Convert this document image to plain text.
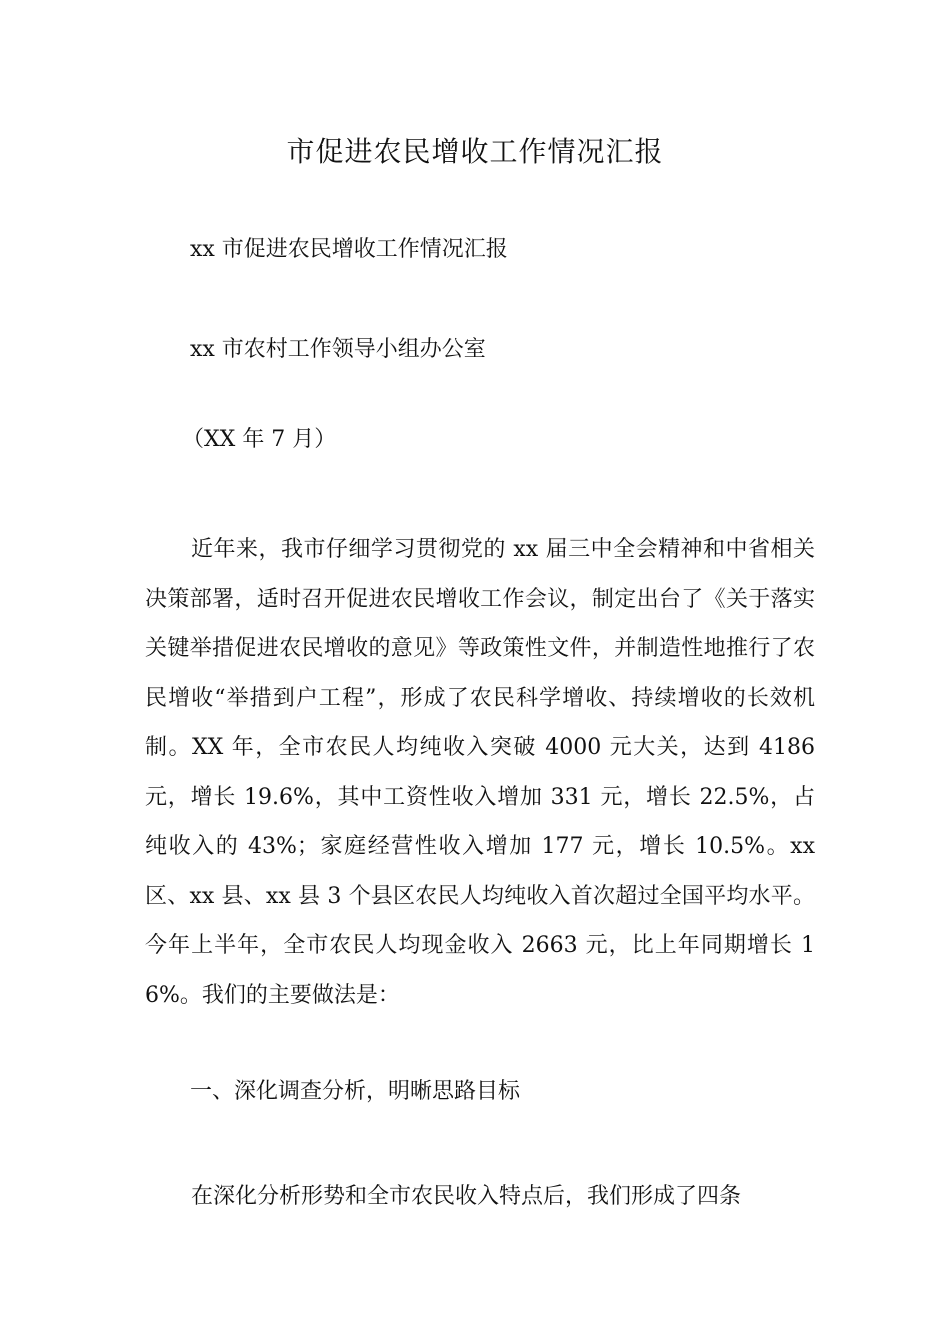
市促进农民增收工作情况汇报

xx 市促进农民增收工作情况汇报

xx 市农村工作领导小组办公室

（XX 年 7 月）

近年来，我市仔细学习贯彻党的 xx 届三中全会精神和中省相关决策部署，适时召开促进农民增收工作会议，制定出台了《关于落实关键举措促进农民增收的意见》等政策性文件，并制造性地推行了农民增收“举措到户工程”，形成了农民科学增收、持续增收的长效机制。XX 年，全市农民人均纯收入突破 4000 元大关，达到 4186 元，增长 19.6%，其中工资性收入增加 331 元，增长 22.5%，占纯收入的 43%；家庭经营性收入增加 177 元，增长 10.5%。xx 区、xx 县、xx 县 3 个县区农民人均纯收入首次超过全国平均水平。今年上半年，全市农民人均现金收入 2663 元，比上年同期增长 16%。我们的主要做法是：

一、深化调查分析，明晰思路目标

在深化分析形势和全市农民收入特点后，我们形成了四条
